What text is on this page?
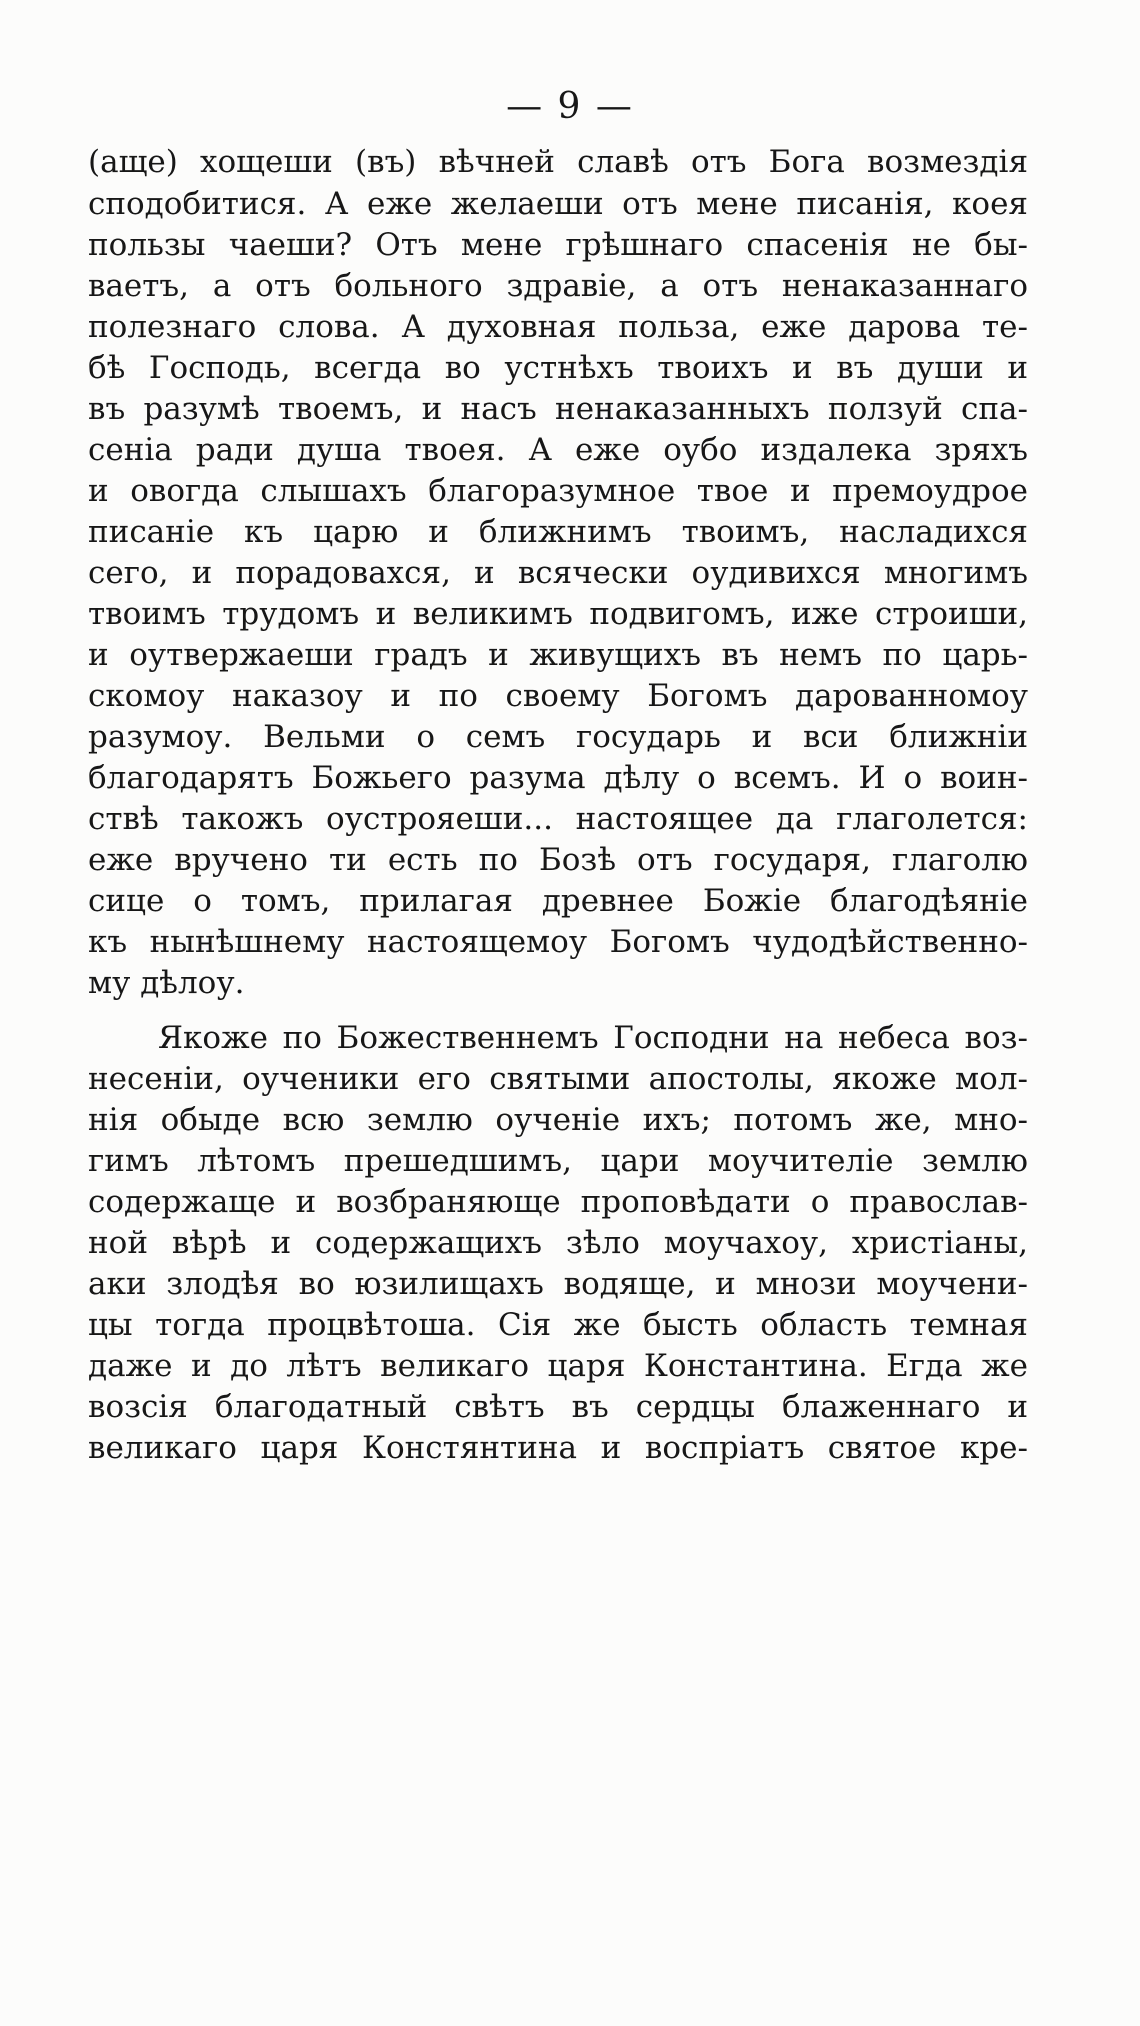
— 9 —
(аще) хощеши (въ) вѣчней славѣ отъ Бога возмездія
сподобитися. А еже желаеши отъ мене писанія, коея
пользы чаеши? Отъ мене грѣшнаго спасенія не бы-
ваетъ, а отъ больного здравіе, а отъ ненаказаннаго
полезнаго слова. А духовная польза, еже дарова те-
бѣ Господь, всегда во устнѣхъ твоихъ и въ души и
въ разумѣ твоемъ, и насъ ненаказанныхъ ползуй спа-
сеніа ради душа твоея. А еже оубо издалека зряхъ
и овогда слышахъ благоразумное твое и премоудрое
писаніе къ царю и ближнимъ твоимъ, насладихся
сего, и порадовахся, и всячески оудивихся многимъ
твоимъ трудомъ и великимъ подвигомъ, иже строиши,
и оутвержаеши градъ и живущихъ въ немъ по царь-
скомоу наказоу и по своему Богомъ дарованномоу
разумоу. Вельми о семъ государь и вси ближніи
благодарятъ Божьего разума дѣлу о всемъ. И о воин-
ствѣ такожъ оустрояеши... настоящее да глаголется:
еже вручено ти есть по Бозѣ отъ государя, глаголю
сице о томъ, прилагая древнее Божіе благодѣяніе
къ нынѣшнему настоящемоу Богомъ чудодѣйственно-
му дѣлоу.
Якоже по Божественнемъ Господни на небеса воз-
несеніи, оученики его святыми апостолы, якоже мол-
нія обыде всю землю оученіе ихъ; потомъ же, мно-
гимъ лѣтомъ прешедшимъ, цари моучителіе землю
содержаще и возбраняюще проповѣдати о православ-
ной вѣрѣ и содержащихъ зѣло моучахоу, христіаны,
аки злодѣя во юзилищахъ водяще, и мнози моучени-
цы тогда процвѣтоша. Сія же бысть область темная
даже и до лѣтъ великаго царя Константина. Егда же
возсія благодатный свѣтъ въ сердцы блаженнаго и
великаго царя Констянтина и воспріатъ святое кре-
